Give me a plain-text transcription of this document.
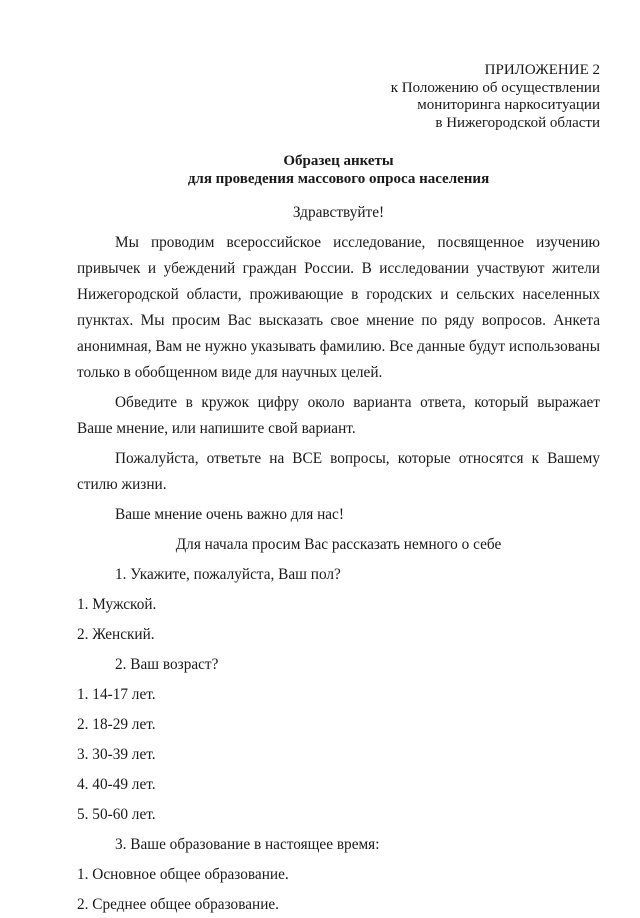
ПРИЛОЖЕНИЕ 2
к Положению об осуществлении
мониторинга наркоситуации
в Нижегородской области
Образец анкеты
для проведения массового опроса населения
Здравствуйте!
Мы проводим всероссийское исследование, посвященное изучению привычек и убеждений граждан России. В исследовании участвуют жители Нижегородской области, проживающие в городских и сельских населенных пунктах. Мы просим Вас высказать свое мнение по ряду вопросов. Анкета анонимная, Вам не нужно указывать фамилию. Все данные будут использованы только в обобщенном виде для научных целей.
Обведите в кружок цифру около варианта ответа, который выражает Ваше мнение, или напишите свой вариант.
Пожалуйста, ответьте на ВСЕ вопросы, которые относятся к Вашему стилю жизни.
Ваше мнение очень важно для нас!
Для начала просим Вас рассказать немного о себе
1. Укажите, пожалуйста, Ваш пол?
1. Мужской.
2. Женский.
2. Ваш возраст?
1. 14-17 лет.
2. 18-29 лет.
3. 30-39 лет.
4. 40-49 лет.
5. 50-60 лет.
3. Ваше образование в настоящее время:
1. Основное общее образование.
2. Среднее общее образование.
